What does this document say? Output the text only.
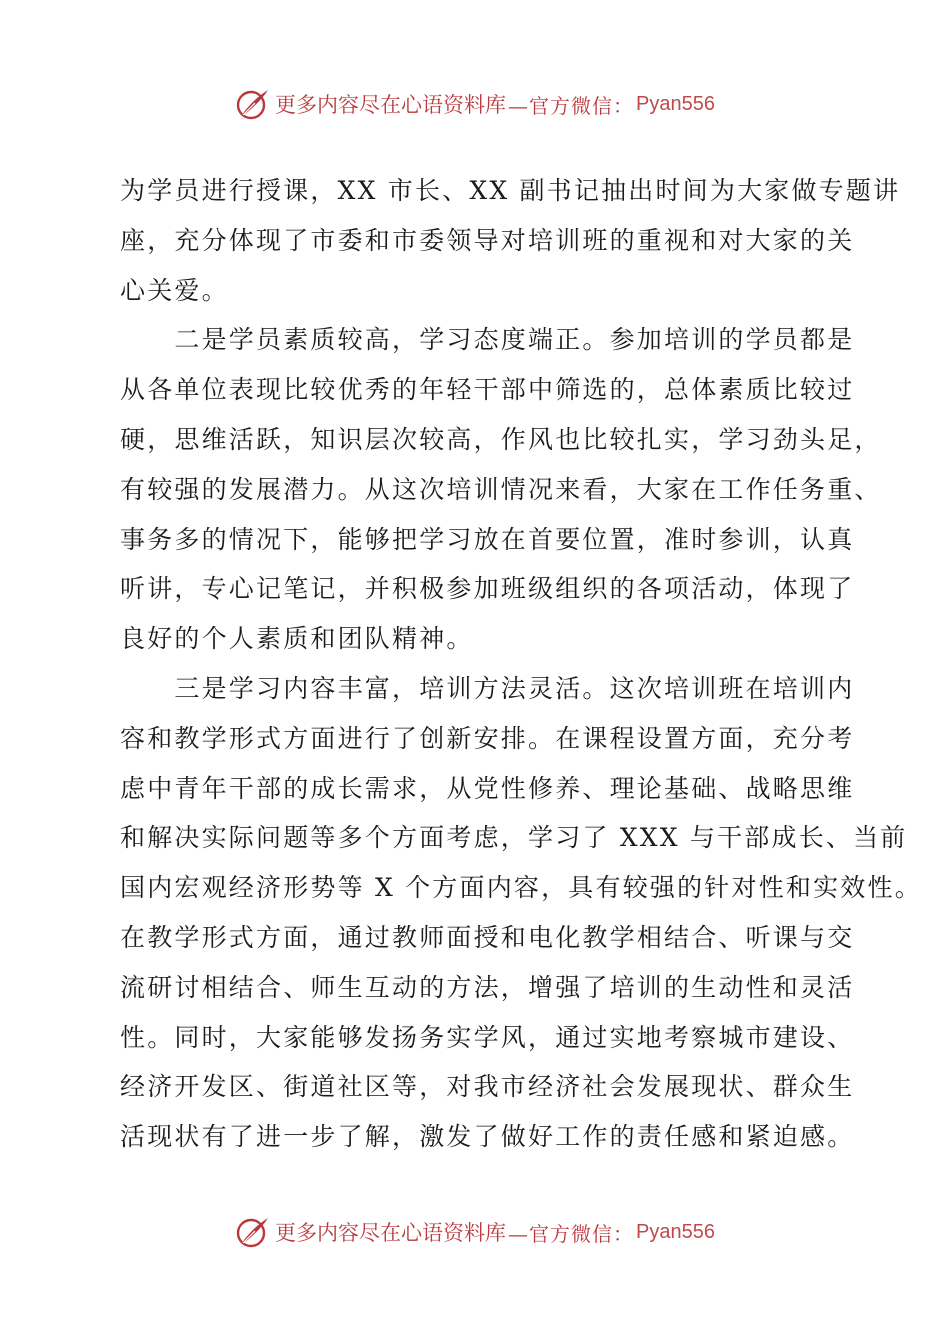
更多内容尽在心语资料库 —官方微信： Pyan556
为学员进行授课，XX 市长、XX 副书记抽出时间为大家做专题讲
座，充分体现了市委和市委领导对培训班的重视和对大家的关
心关爱。
　　二是学员素质较高，学习态度端正。参加培训的学员都是
从各单位表现比较优秀的年轻干部中筛选的，总体素质比较过
硬，思维活跃，知识层次较高，作风也比较扎实，学习劲头足，
有较强的发展潜力。从这次培训情况来看，大家在工作任务重、
事务多的情况下，能够把学习放在首要位置，准时参训，认真
听讲，专心记笔记，并积极参加班级组织的各项活动，体现了
良好的个人素质和团队精神。
　　三是学习内容丰富，培训方法灵活。这次培训班在培训内
容和教学形式方面进行了创新安排。在课程设置方面，充分考
虑中青年干部的成长需求，从党性修养、理论基础、战略思维
和解决实际问题等多个方面考虑，学习了 XXX 与干部成长、当前
国内宏观经济形势等 X 个方面内容，具有较强的针对性和实效性。
在教学形式方面，通过教师面授和电化教学相结合、听课与交
流研讨相结合、师生互动的方法，增强了培训的生动性和灵活
性。同时，大家能够发扬务实学风，通过实地考察城市建设、
经济开发区、街道社区等，对我市经济社会发展现状、群众生
活现状有了进一步了解，激发了做好工作的责任感和紧迫感。
更多内容尽在心语资料库 —官方微信： Pyan556
